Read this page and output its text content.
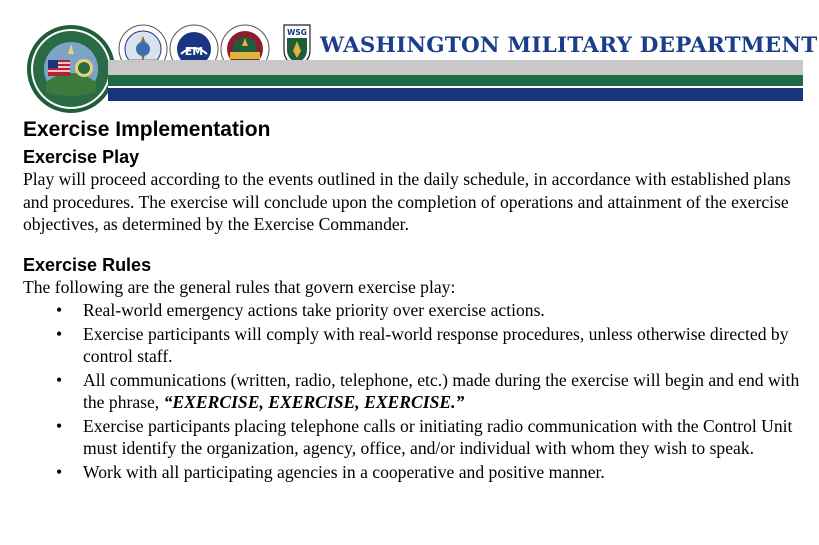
EM
WSG
WASHINGTON MILITARY DEPARTMENT
Exercise Implementation
Exercise Play

Play will proceed according to the events outlined in the daily schedule, in accordance with established plans and procedures. The exercise will conclude upon the completion of operations and attainment of the exercise objectives, as determined by the Exercise Commander.

Exercise Rules

The following are the general rules that govern exercise play:

• Real-world emergency actions take priority over exercise actions.
• Exercise participants will comply with real-world response procedures, unless otherwise directed by control staff.
• All communications (written, radio, telephone, etc.) made during the exercise will begin and end with the phrase, “EXERCISE, EXERCISE, EXERCISE.”
• Exercise participants placing telephone calls or initiating radio communication with the Control Unit must identify the organization, agency, office, and/or individual with whom they wish to speak.
• Work with all participating agencies in a cooperative and positive manner.
